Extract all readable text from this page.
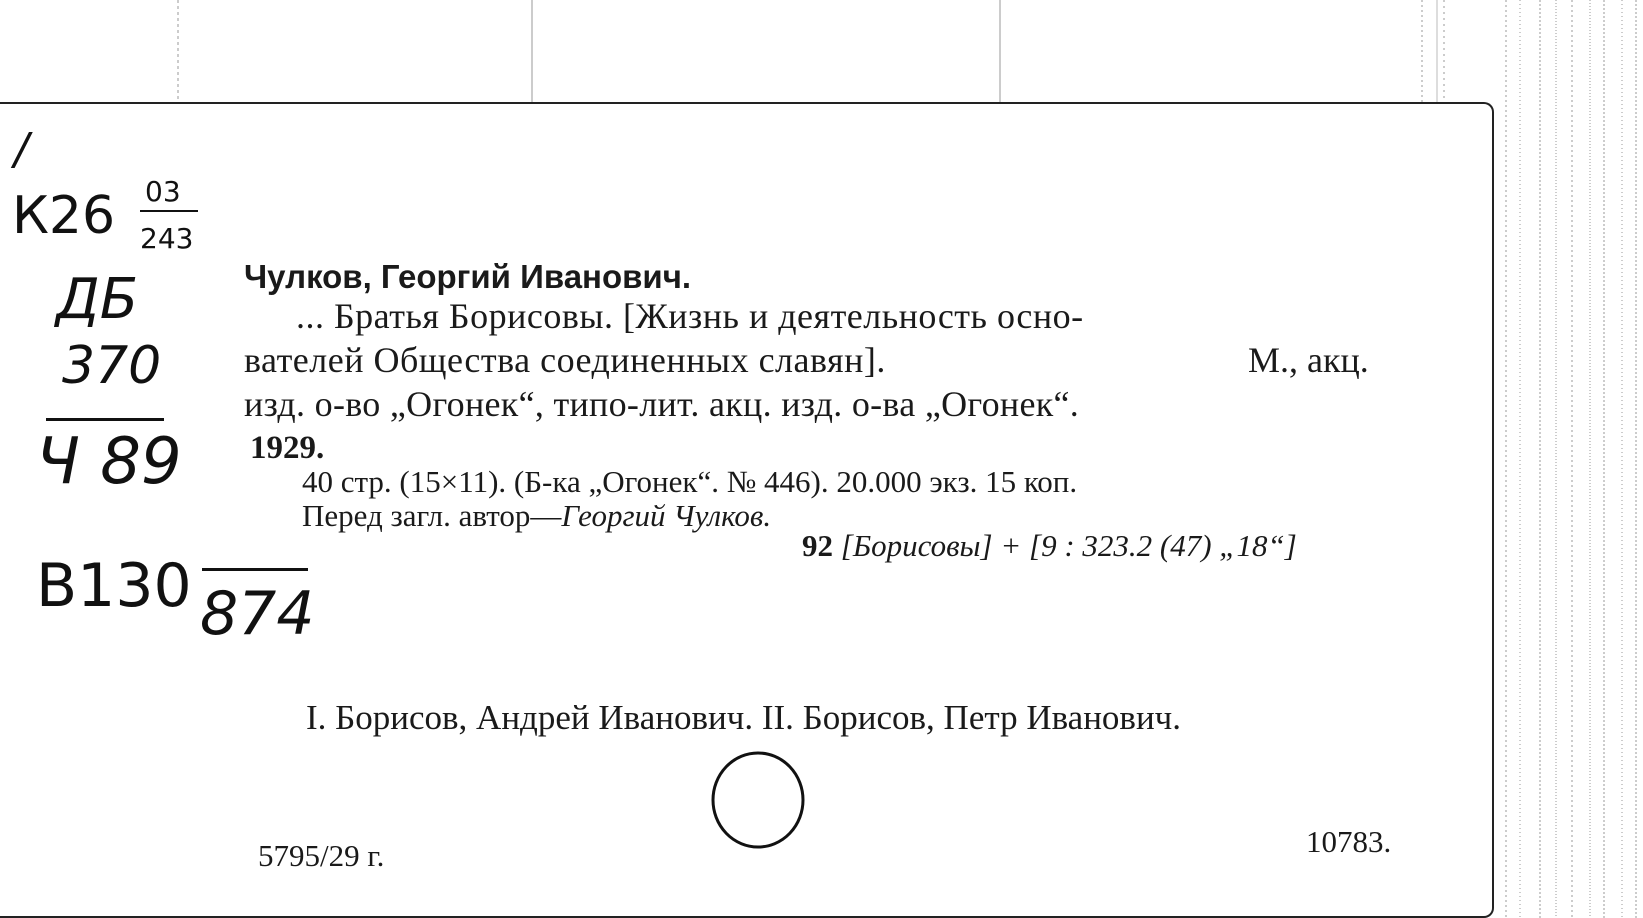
/
К26 03
243
ДБ
370
Ч 89
В130 874
Чулков, Георгий Иванович.
... Братья Борисовы. [Жизнь и деятельность осно-
вателей Общества соединенных славян].	М., акц.
изд. о-во „Огонек“, типо-лит. акц. изд. о-ва „Огонек“.
1929.
40 стр. (15×11). (Б-ка „Огонек“. № 446). 20.000 экз. 15 коп.
Перед загл. автор—Георгий Чулков.
92 [Борисовы] + [9 : 323.2 (47) „18“]
I. Борисов, Андрей Иванович. II. Борисов, Петр Иванович.
5795/29 г.	10783.
